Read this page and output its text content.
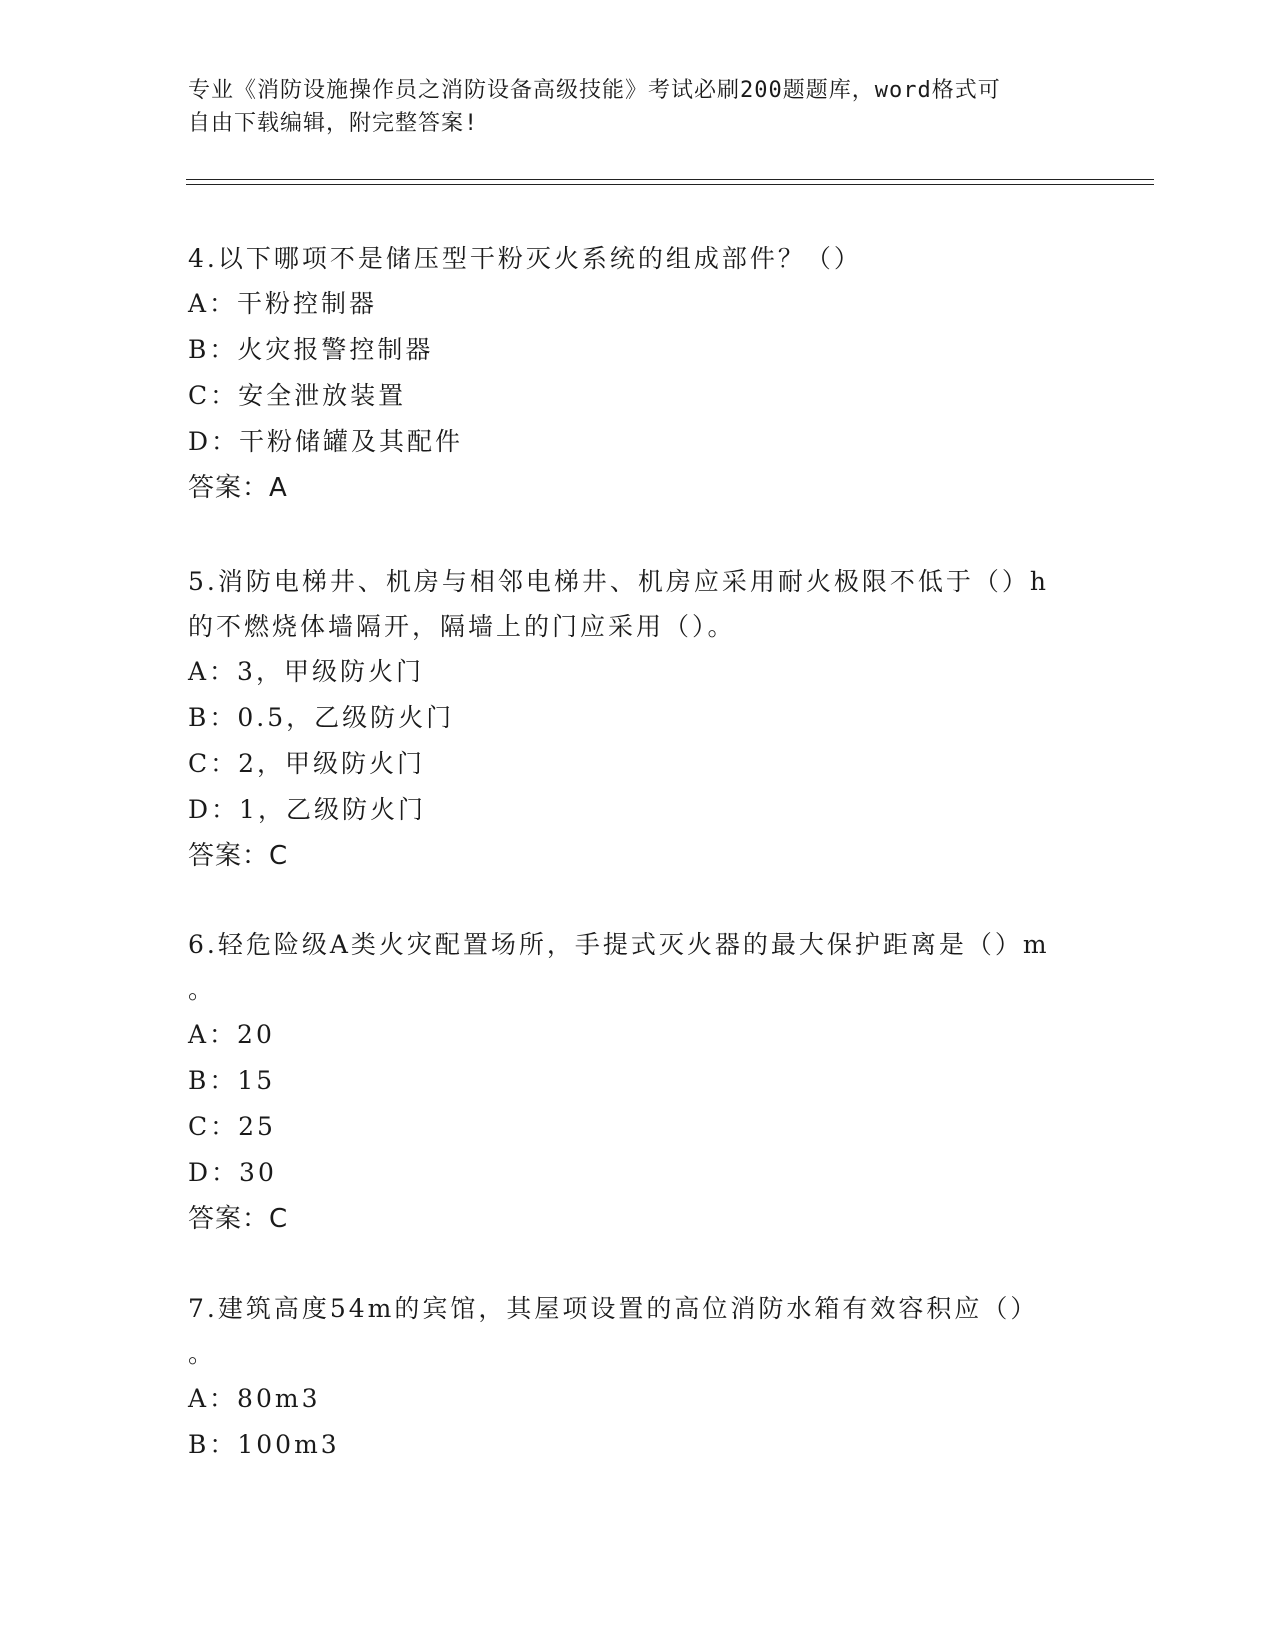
专业《消防设施操作员之消防设备高级技能》考试必刷200题题库，word格式可
自由下载编辑，附完整答案!
4.以下哪项不是储压型干粉灭火系统的组成部件？（）
A：干粉控制器
B：火灾报警控制器
C：安全泄放装置
D：干粉储罐及其配件
答案：A
5.消防电梯井、机房与相邻电梯井、机房应采用耐火极限不低于（）h
的不燃烧体墙隔开，隔墙上的门应采用（）。
A：3，甲级防火门
B：0.5，乙级防火门
C：2，甲级防火门
D：1，乙级防火门
答案：C
6.轻危险级A类火灾配置场所，手提式灭火器的最大保护距离是（）m
。
A：20
B：15
C：25
D：30
答案：C
7.建筑高度54m的宾馆，其屋项设置的高位消防水箱有效容积应（）
。
A：80m3
B：100m3
